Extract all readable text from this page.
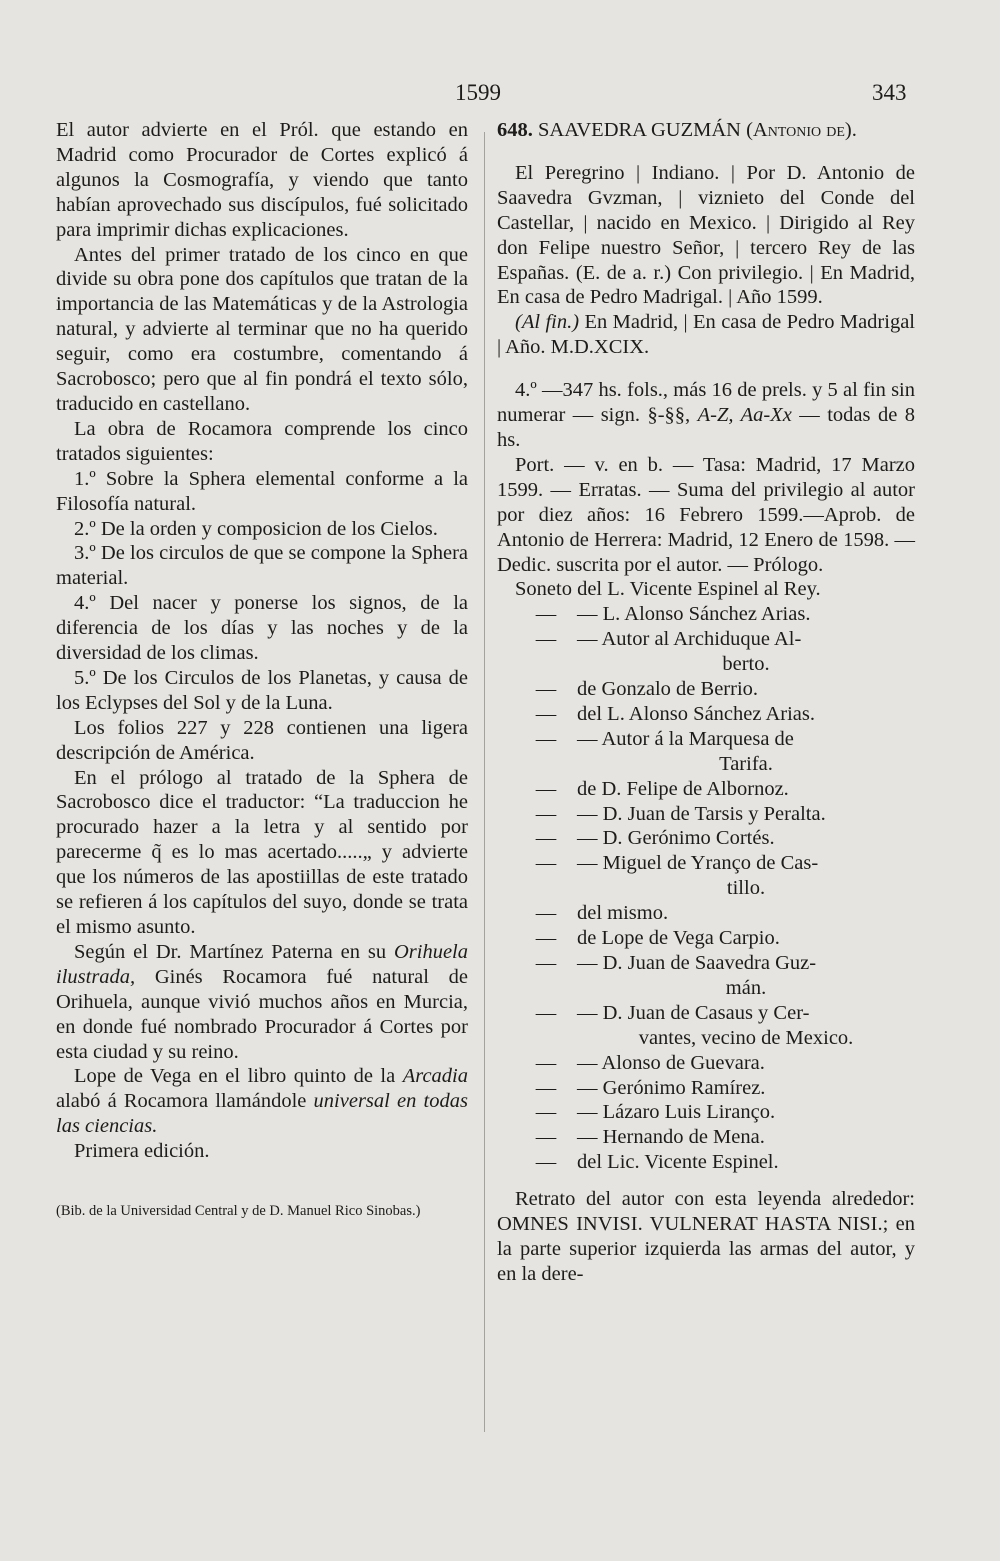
1599	343

El autor advierte en el Pról. que estando en Madrid como Procurador de Cortes explicó á algunos la Cosmografía, y viendo que tanto habían aprovechado sus discípulos, fué solicitado para imprimir dichas explicaciones.

Antes del primer tratado de los cinco en que divide su obra pone dos capítulos que tratan de la importancia de las Matemáticas y de la Astrologia natural, y advierte al terminar que no ha querido seguir, como era costumbre, comentando á Sacrobosco; pero que al fin pondrá el texto sólo, traducido en castellano.

La obra de Rocamora comprende los cinco tratados siguientes:

1.º Sobre la Sphera elemental conforme a la Filosofía natural.

2.º De la orden y composicion de los Cielos.

3.º De los circulos de que se compone la Sphera material.

4.º Del nacer y ponerse los signos, de la diferencia de los días y las noches y de la diversidad de los climas.

5.º De los Circulos de los Planetas, y causa de los Eclypses del Sol y de la Luna.

Los folios 227 y 228 contienen una ligera descripción de América.

En el prólogo al tratado de la Sphera de Sacrobosco dice el traductor: “La traduccion he procurado hazer a la letra y al sentido por parecerme q̃ es lo mas acertado.....„ y advierte que los números de las apostiillas de este tratado se refieren á los capítulos del suyo, donde se trata el mismo asunto.

Según el Dr. Martínez Paterna en su Orihuela ilustrada, Ginés Rocamora fué natural de Orihuela, aunque vivió muchos años en Murcia, en donde fué nombrado Procurador á Cortes por esta ciudad y su reino.

Lope de Vega en el libro quinto de la Arcadia alabó á Rocamora llamándole universal en todas las ciencias.

Primera edición.

(Bib. de la Universidad Central y de D. Manuel Rico Sinobas.)

648. SAAVEDRA GUZMÁN (Antonio de).

El Peregrino | Indiano. | Por D. Antonio de Saavedra Gvzman, | viznieto del Conde del Castellar, | nacido en Mexico. | Dirigido al Rey don Felipe nuestro Señor, | tercero Rey de las Españas. (E. de a. r.) Con privilegio. | En Madrid, En casa de Pedro Madrigal. | Año 1599.

(Al fin.) En Madrid, | En casa de Pedro Madrigal | Año. M.D.XCIX.

4.º —347 hs. fols., más 16 de prels. y 5 al fin sin numerar — sign. §-§§, A-Z, Aa-Xx — todas de 8 hs.

Port. — v. en b. — Tasa: Madrid, 17 Marzo 1599. — Erratas. — Suma del privilegio al autor por diez años: 16 Febrero 1599.—Aprob. de Antonio de Herrera: Madrid, 12 Enero de 1598. — Dedic. suscrita por el autor. — Prólogo.

Soneto del L. Vicente Espinel al Rey.

—	— L. Alonso Sánchez Arias.
—	— Autor al Archiduque Al-

berto.
—	de Gonzalo de Berrio.
—	del L. Alonso Sánchez Arias.
—	— Autor á la Marquesa de

Tarifa.
—	de D. Felipe de Albornoz.
—	— D. Juan de Tarsis y Peralta.
—	— D. Gerónimo Cortés.
—	— Miguel de Yranço de Cas-

tillo.
—	del mismo.
—	de Lope de Vega Carpio.
—	— D. Juan de Saavedra Guz-

mán.
—	— D. Juan de Casaus y Cer-

vantes, vecino de Mexico.
—	— Alonso de Guevara.
—	— Gerónimo Ramírez.
—	— Lázaro Luis Liranço.
—	— Hernando de Mena.
—	del Lic. Vicente Espinel.

Retrato del autor con esta leyenda alrededor: OMNES INVISI. VULNERAT HASTA NISI.; en la parte superior izquierda las armas del autor, y en la dere-
